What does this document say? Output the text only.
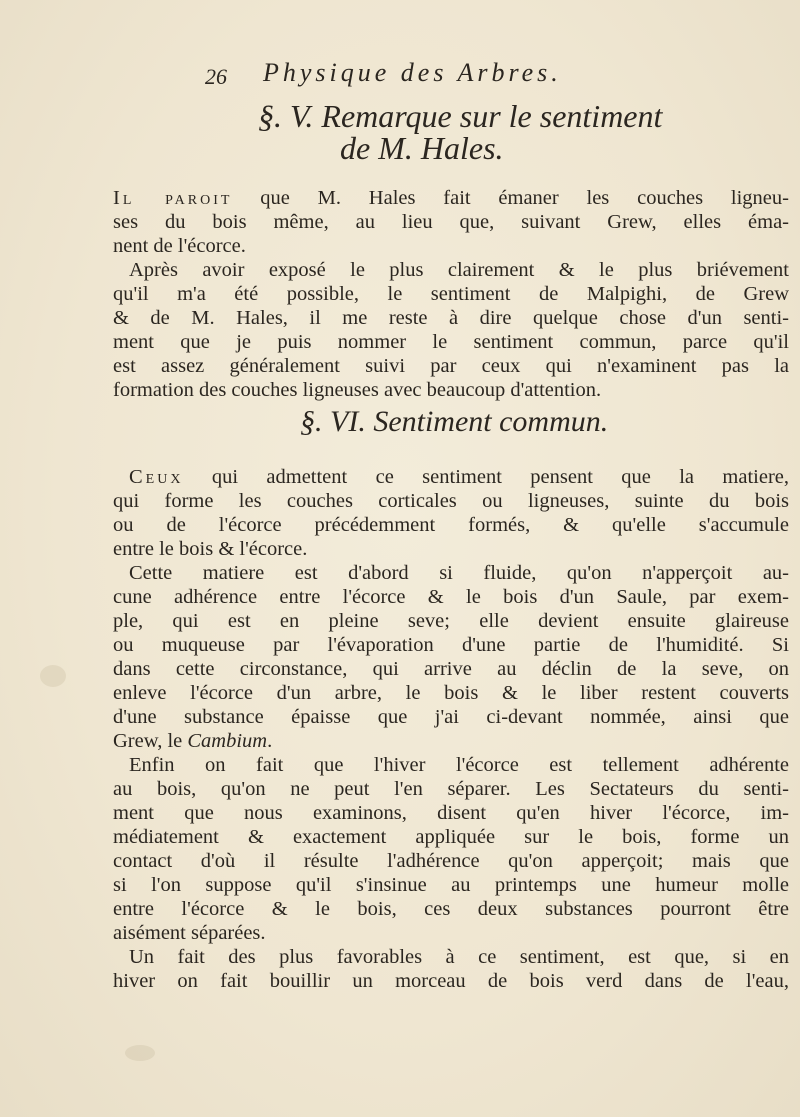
26 Physique des Arbres.
§. V. Remarque sur le sentiment
de M. Hales.
Il paroit que M. Hales fait émaner les couches ligneu-
ses du bois même, au lieu que, suivant Grew, elles éma-
nent de l'écorce.
Après avoir exposé le plus clairement & le plus briévement
qu'il m'a été possible, le sentiment de Malpighi, de Grew
& de M. Hales, il me reste à dire quelque chose d'un senti-
ment que je puis nommer le sentiment commun, parce qu'il
est assez généralement suivi par ceux qui n'examinent pas la
formation des couches ligneuses avec beaucoup d'attention.
§. VI. Sentiment commun.
Ceux qui admettent ce sentiment pensent que la matiere,
qui forme les couches corticales ou ligneuses, suinte du bois
ou de l'écorce précédemment formés, & qu'elle s'accumule
entre le bois & l'écorce.
Cette matiere est d'abord si fluide, qu'on n'apperçoit au-
cune adhérence entre l'écorce & le bois d'un Saule, par exem-
ple, qui est en pleine seve; elle devient ensuite glaireuse
ou muqueuse par l'évaporation d'une partie de l'humidité. Si
dans cette circonstance, qui arrive au déclin de la seve, on
enleve l'écorce d'un arbre, le bois & le liber restent couverts
d'une substance épaisse que j'ai ci-devant nommée, ainsi que
Grew, le Cambium.
Enfin on fait que l'hiver l'écorce est tellement adhérente
au bois, qu'on ne peut l'en séparer. Les Sectateurs du senti-
ment que nous examinons, disent qu'en hiver l'écorce, im-
médiatement & exactement appliquée sur le bois, forme un
contact d'où il résulte l'adhérence qu'on apperçoit; mais que
si l'on suppose qu'il s'insinue au printemps une humeur molle
entre l'écorce & le bois, ces deux substances pourront être
aisément séparées.
Un fait des plus favorables à ce sentiment, est que, si en
hiver on fait bouillir un morceau de bois verd dans de l'eau,
